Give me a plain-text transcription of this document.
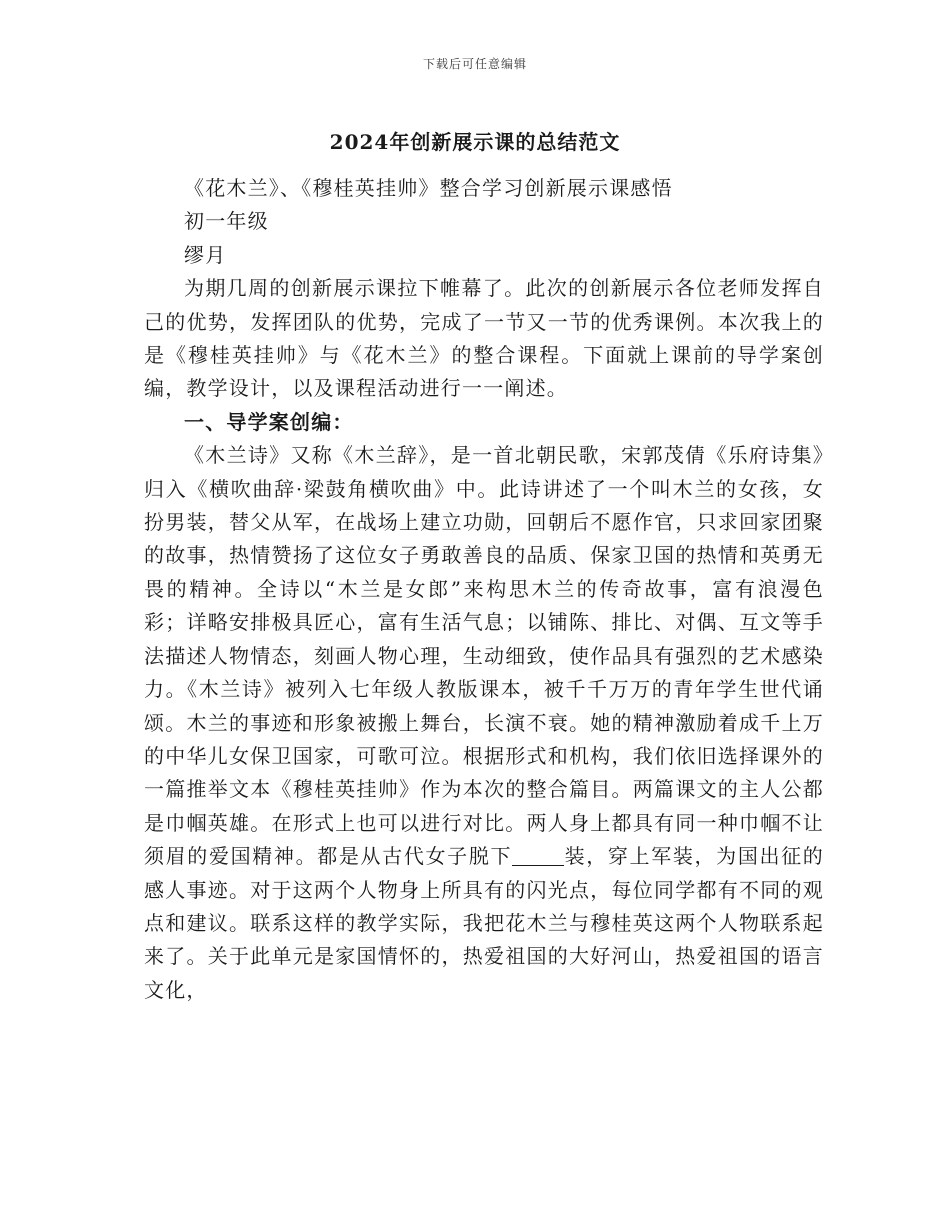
下载后可任意编辑
2024年创新展示课的总结范文

《花木兰》、《穆桂英挂帅》整合学习创新展示课感悟

初一年级

缪月

为期几周的创新展示课拉下帷幕了。此次的创新展示各位老师发挥自己的优势，发挥团队的优势，完成了一节又一节的优秀课例。本次我上的是《穆桂英挂帅》与《花木兰》的整合课程。下面就上课前的导学案创编，教学设计，以及课程活动进行一一阐述。

一、导学案创编：

《木兰诗》又称《木兰辞》，是一首北朝民歌，宋郭茂倩《乐府诗集》归入《横吹曲辞·梁鼓角横吹曲》中。此诗讲述了一个叫木兰的女孩，女扮男装，替父从军，在战场上建立功勋，回朝后不愿作官，只求回家团聚的故事，热情赞扬了这位女子勇敢善良的品质、保家卫国的热情和英勇无畏的精神。全诗以“木兰是女郎”来构思木兰的传奇故事，富有浪漫色彩；详略安排极具匠心，富有生活气息；以铺陈、排比、对偶、互文等手法描述人物情态，刻画人物心理，生动细致，使作品具有强烈的艺术感染力。《木兰诗》被列入七年级人教版课本，被千千万万的青年学生世代诵颂。木兰的事迹和形象被搬上舞台，长演不衰。她的精神激励着成千上万的中华儿女保卫国家，可歌可泣。根据形式和机构，我们依旧选择课外的一篇推举文本《穆桂英挂帅》作为本次的整合篇目。两篇课文的主人公都是巾帼英雄。在形式上也可以进行对比。两人身上都具有同一种巾帼不让须眉的爱国精神。都是从古代女子脱下	装，穿上军装，为国出征的感人事迹。对于这两个人物身上所具有的闪光点，每位同学都有不同的观点和建议。联系这样的教学实际，我把花木兰与穆桂英这两个人物联系起来了。关于此单元是家国情怀的，热爱祖国的大好河山，热爱祖国的语言文化，
